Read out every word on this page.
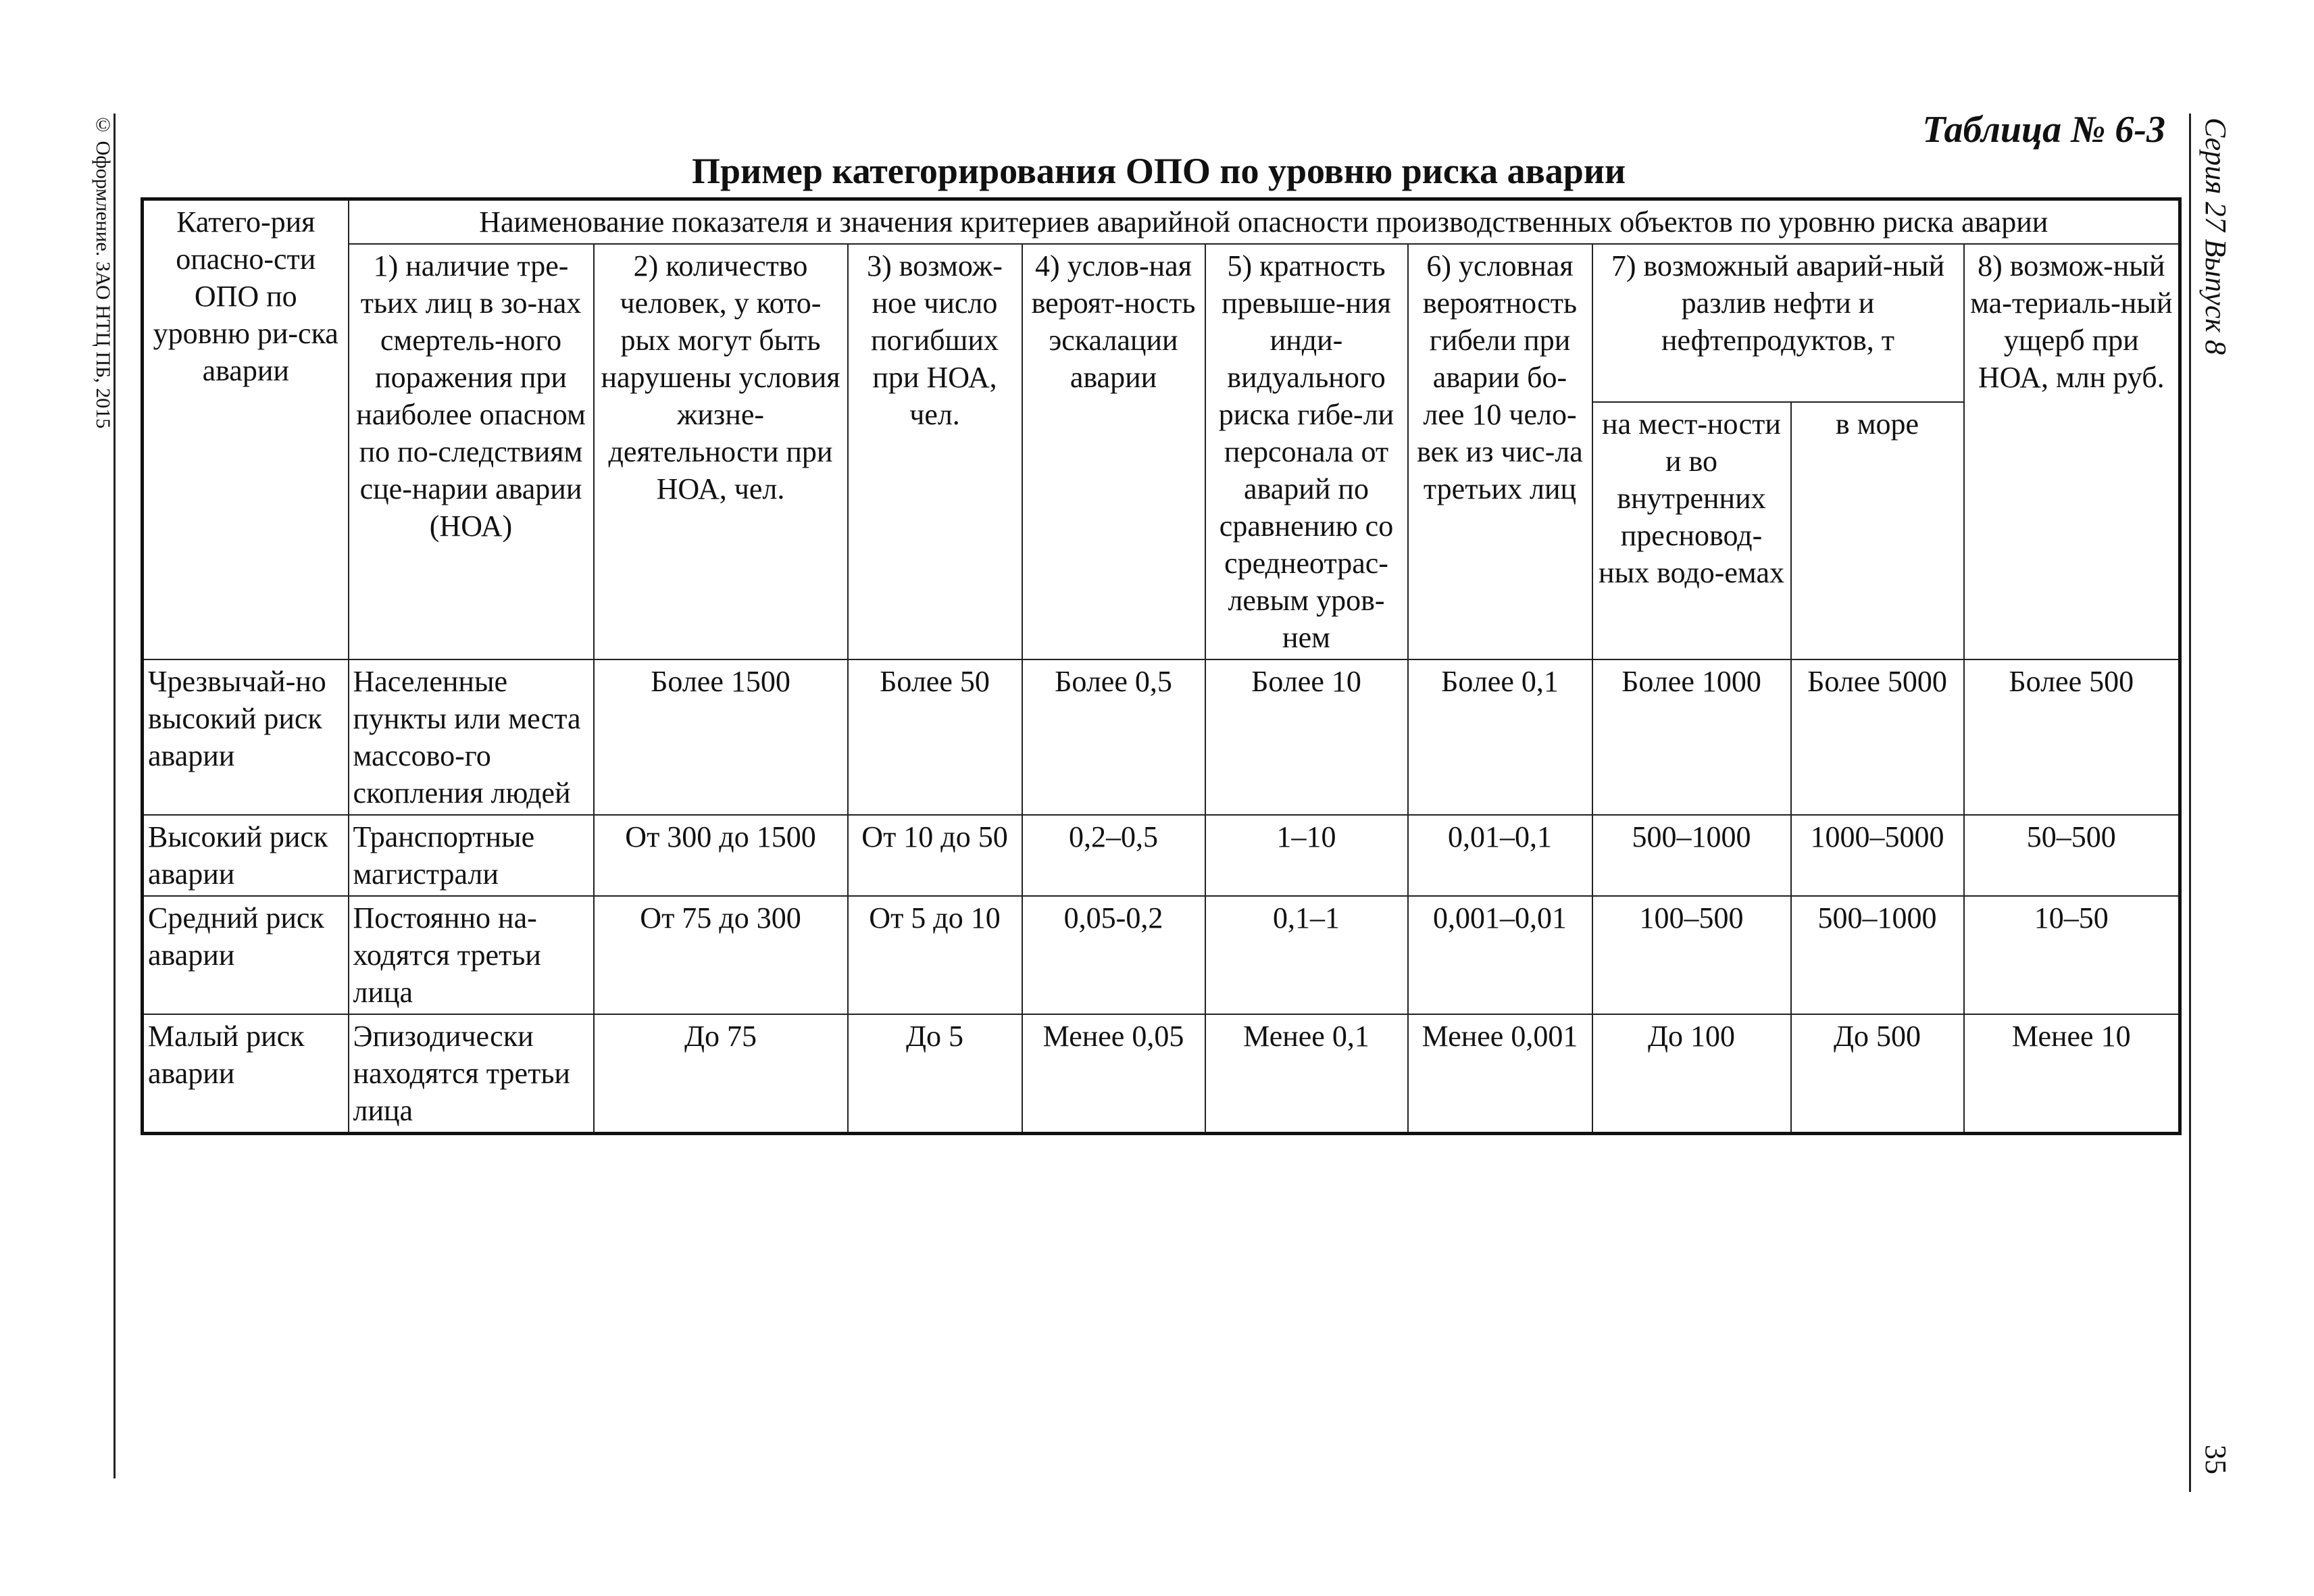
© Оформление. ЗАО НТЦ ПБ, 2015	Серия 27 Выпуск 8
35
Таблица № 6-3
Пример категорирования ОПО по уровню риска аварии
Катего-рия опасно-сти ОПО по уровню ри-ска аварии	Наименование показателя и значения критериев аварийной опасности производственных объектов по уровню риска аварии								
	1) наличие тре-тьих лиц в зо-нах смертель-ного поражения при наиболее опасном по по-следствиям сце-нарии аварии (НОА)	2) количество человек, у кото-рых могут быть нарушены условия жизне-деятельности при НОА, чел.	3) возмож-ное число погибших при НОА, чел.	4) услов-ная вероят-ность эскалации аварии	5) кратность превыше-ния инди-видуального риска гибе-ли персонала от аварий по сравнению со среднеотрас-левым уров-нем	6) условная вероятность гибели при аварии бо-лее 10 чело-век из чис-ла третьих лиц	7) возможный аварий-ный разлив нефти и нефтепродуктов, т		8) возмож-ный ма-териаль-ный ущерб при НОА, млн руб.
							на мест-ности и во внутренних пресновод-ных водо-емах	в море	
Чрезвычай-но высокий риск аварии	Населенные пункты или места массово-го скопления людей	Более 1500	Более 50	Более 0,5	Более 10	Более 0,1	Более 1000	Более 5000	Более 500
Высокий риск аварии	Транспортные магистрали	От 300 до 1500	От 10 до 50	0,2–0,5	1–10	0,01–0,1	500–1000	1000–5000	50–500
Средний риск аварии	Постоянно на-ходятся третьи лица	От 75 до 300	От 5 до 10	0,05-0,2	0,1–1	0,001–0,01	100–500	500–1000	10–50
Малый риск аварии	Эпизодически находятся третьи лица	До 75	До 5	Менее 0,05	Менее 0,1	Менее 0,001	До 100	До 500	Менее 10
